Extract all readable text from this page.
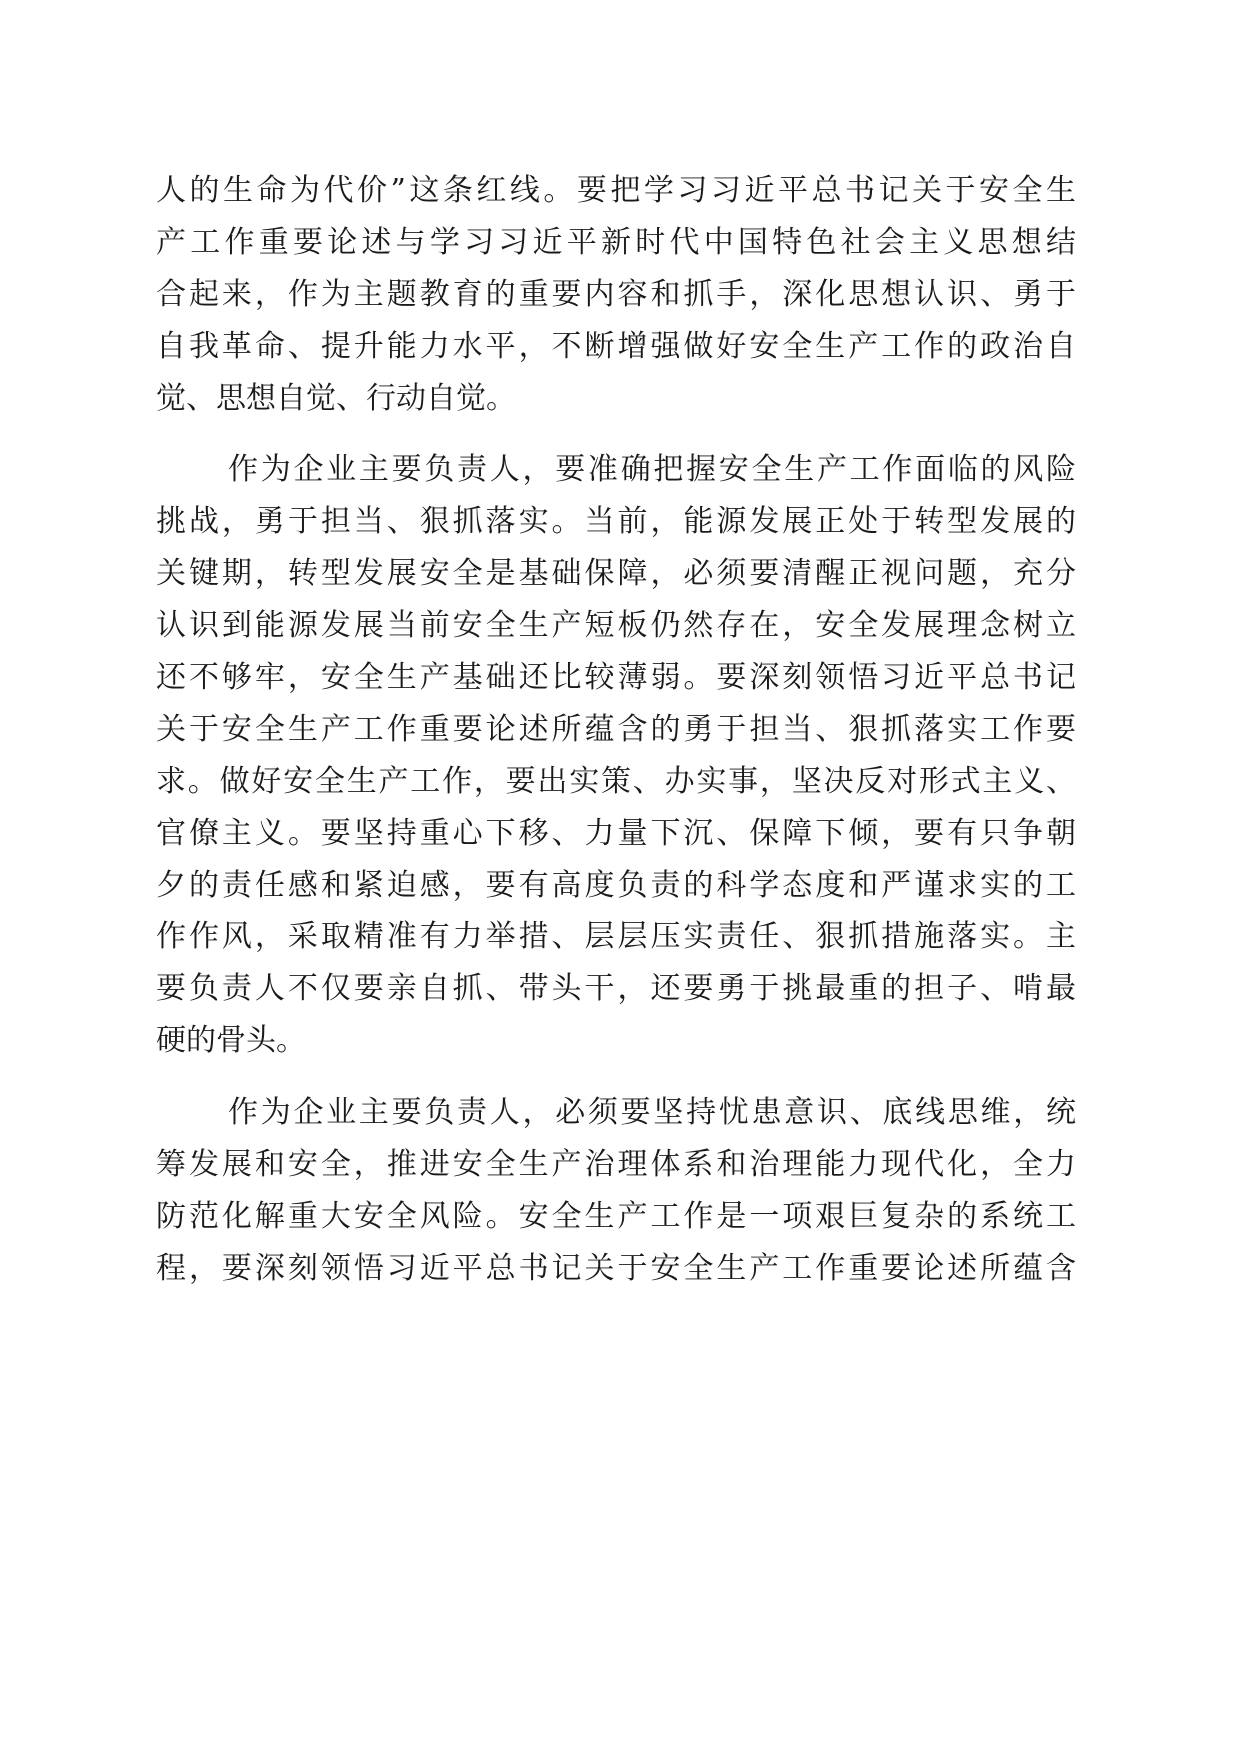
人的生命为代价”这条红线。要把学习习近平总书记关于安全生
产工作重要论述与学习习近平新时代中国特色社会主义思想结
合起来，作为主题教育的重要内容和抓手，深化思想认识、勇于
自我革命、提升能力水平，不断增强做好安全生产工作的政治自
觉、思想自觉、行动自觉。
作为企业主要负责人，要准确把握安全生产工作面临的风险
挑战，勇于担当、狠抓落实。当前，能源发展正处于转型发展的
关键期，转型发展安全是基础保障，必须要清醒正视问题，充分
认识到能源发展当前安全生产短板仍然存在，安全发展理念树立
还不够牢，安全生产基础还比较薄弱。要深刻领悟习近平总书记
关于安全生产工作重要论述所蕴含的勇于担当、狠抓落实工作要
求。做好安全生产工作，要出实策、办实事，坚决反对形式主义、
官僚主义。要坚持重心下移、力量下沉、保障下倾，要有只争朝
夕的责任感和紧迫感，要有高度负责的科学态度和严谨求实的工
作作风，采取精准有力举措、层层压实责任、狠抓措施落实。主
要负责人不仅要亲自抓、带头干，还要勇于挑最重的担子、啃最
硬的骨头。
作为企业主要负责人，必须要坚持忧患意识、底线思维，统
筹发展和安全，推进安全生产治理体系和治理能力现代化，全力
防范化解重大安全风险。安全生产工作是一项艰巨复杂的系统工
程，要深刻领悟习近平总书记关于安全生产工作重要论述所蕴含
